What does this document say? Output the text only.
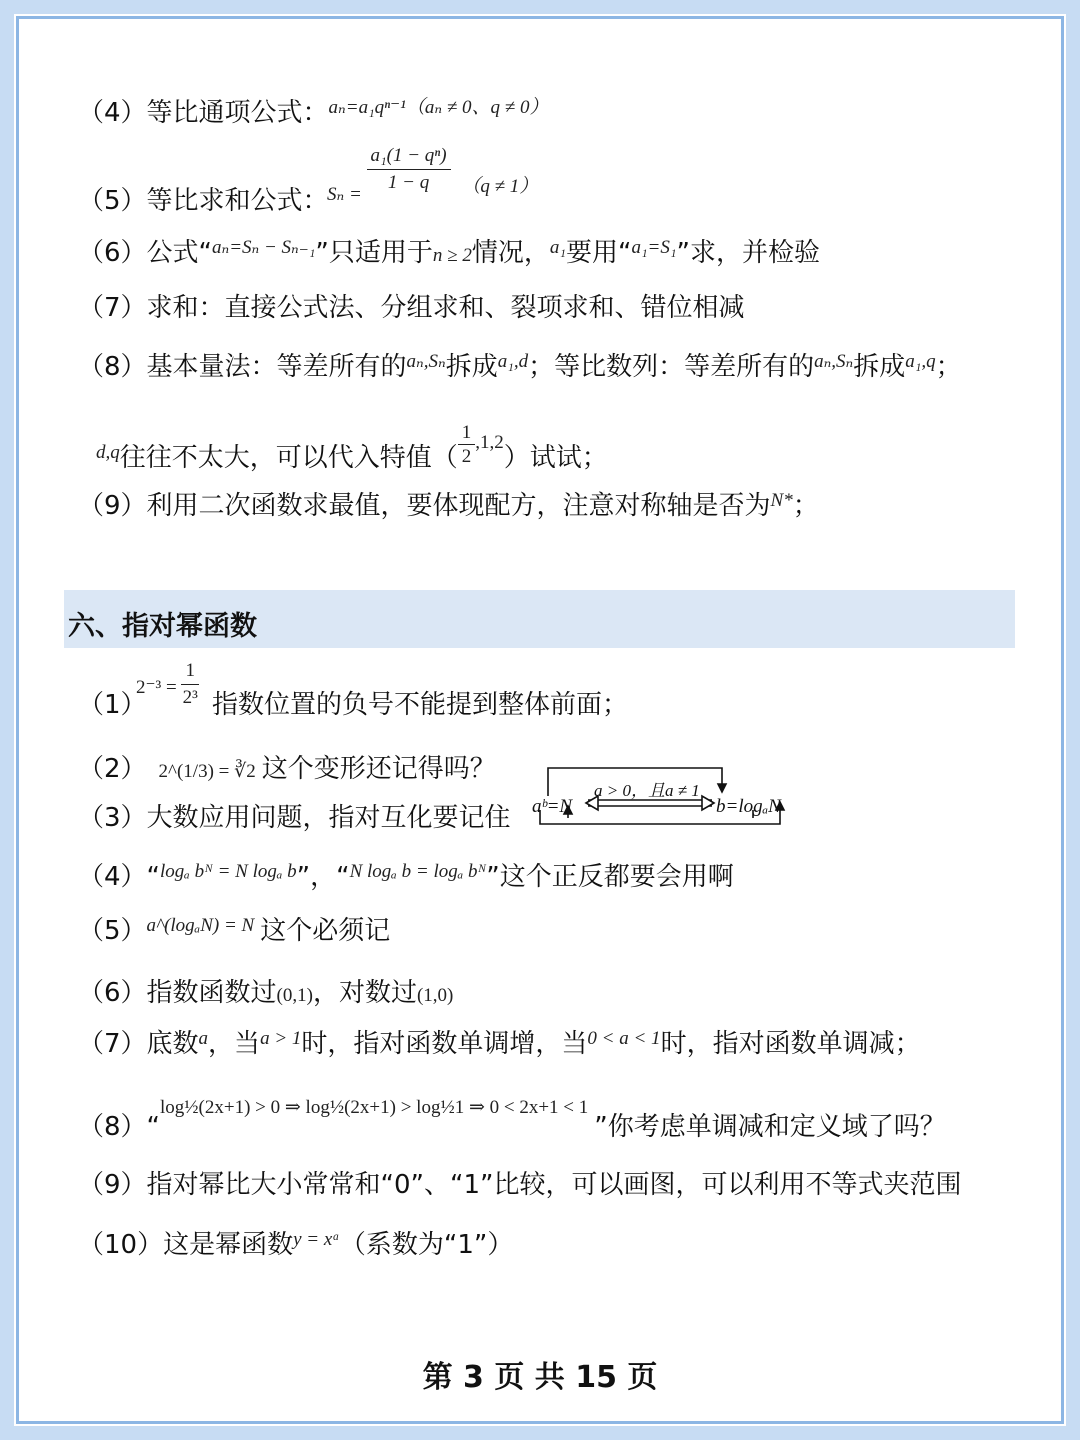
（4）等比通项公式：$^{a_n=a_1q^{n-1}(a_n \ne 0、q \ne 0)}$
（5）等比求和公式：
Sₙ =
$\frac{\text{a₁(1 − qⁿ)}}{1 - q} (q \ne 1)$
（6）公式“$^{a_n=S_n - S_{n-1}}$”只适用于n ≥ 2情况，$^{a_1}$要用“$^{a_1=S_1}$”求，并检验
（7）求和：直接公式法、分组求和、裂项求和、错位相减
（8）基本量法：等差所有的$^{a_n,S_n}$拆成$^{a_1,d}$；等比数列：等差所有的$^{a_n,S_n}$拆成$^{a_1,q}$；
$^{d,q}$往往不太大，可以代入特值（ $\frac{1}{2} ^{,1,2}$）试试；
（9）利用二次函数求最值，要体现配方，注意对称轴是否为$^{N*}$；
六、指对幂函数
（1）
$2^{-3} = \frac{1}{\text{2³}}$ 指数位置的负号不能提到整体前面；
（2） 2^(1/3) = ∛2 这个变形还记得吗？
（3）大数应用问题，指对互化要记住
a > 0，且a ≠ 1
aᵇ=N	b=logₐN
（4）“$^{log_a bᴺ = N log_a b}$”，“$^{N log_a b = log_a bᴺ}$”这个正反都要会用啊
$(5)^{a\^{}(log_aN) = N}$ 这个必须记
（6）指数函数过(0,1)，对数过(1,0)
（7）底数$^a$，当$^{a > 1}$时，指对函数单调增，当$^{0 < a < 1}$时，指对函数单调减；
（8）“$^{log\frac{1}{2}(2x+1) > 0 \Rightarrow log\frac{1}{2}(2x+1) > log\frac{1}{2}1 \Rightarrow 0 < 2x+1 < 1}$”你考虑单调减和定义域了吗？
（9）指对幂比大小常常和“0”、“1”比较，可以画图，可以利用不等式夹范围
（10）这是幂函数$^{y = xᵃ}$（系数为“1”）
第 3 页 共 15 页
